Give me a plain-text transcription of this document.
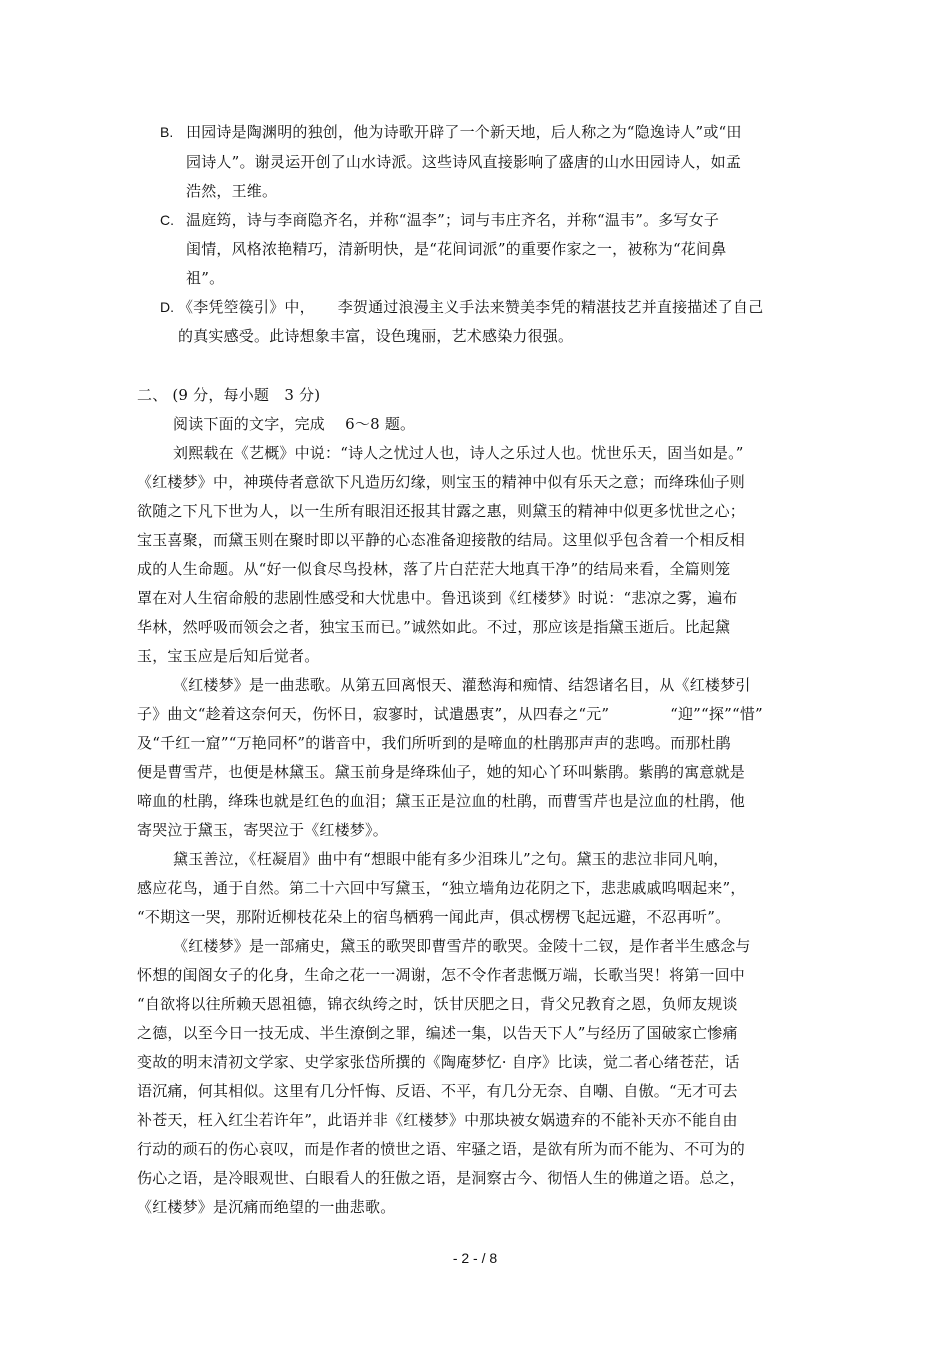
B. 田园诗是陶渊明的独创，他为诗歌开辟了一个新天地，后人称之为“隐逸诗人”或“田
园诗人”。谢灵运开创了山水诗派。这些诗风直接影响了盛唐的山水田园诗人，如孟
浩然，王维。
C. 温庭筠，诗与李商隐齐名，并称“温李”；词与韦庄齐名，并称“温韦”。多写女子
闺情，风格浓艳精巧，清新明快，是“花间词派”的重要作家之一，被称为“花间鼻
祖”。
D. 《李凭箜篌引》中，　　李贺通过浪漫主义手法来赞美李凭的精湛技艺并直接描述了自己
的真实感受。此诗想象丰富，设色瑰丽，艺术感染力很强。
二、 (9 分，每小题　3 分)
阅读下面的文字，完成　 6～8 题。
刘熙载在《艺概》中说：“诗人之忧过人也，诗人之乐过人也。忧世乐天，固当如是。”
《红楼梦》中，神瑛侍者意欲下凡造历幻缘，则宝玉的精神中似有乐天之意；而绛珠仙子则
欲随之下凡下世为人，以一生所有眼泪还报其甘露之惠，则黛玉的精神中似更多忧世之心；
宝玉喜聚，而黛玉则在聚时即以平静的心态准备迎接散的结局。这里似乎包含着一个相反相
成的人生命题。从“好一似食尽鸟投林，落了片白茫茫大地真干净”的结局来看，全篇则笼
罩在对人生宿命般的悲剧性感受和大忧患中。鲁迅谈到《红楼梦》时说：“悲凉之雾，遍布
华林，然呼吸而领会之者，独宝玉而已。”诚然如此。不过，那应该是指黛玉逝后。比起黛
玉，宝玉应是后知后觉者。
《红楼梦》是一曲悲歌。从第五回离恨天、灌愁海和痴情、结怨诸名目，从《红楼梦引
子》曲文“趁着这奈何天，伤怀日，寂寥时，试遣愚衷”，从四春之“元”　　　　“迎”“探”“惜”
及“千红一窟”“万艳同杯”的谐音中，我们所听到的是啼血的杜鹃那声声的悲鸣。而那杜鹃
便是曹雪芹，也便是林黛玉。黛玉前身是绛珠仙子，她的知心丫环叫紫鹃。紫鹃的寓意就是
啼血的杜鹃，绛珠也就是红色的血泪；黛玉正是泣血的杜鹃，而曹雪芹也是泣血的杜鹃，他
寄哭泣于黛玉，寄哭泣于《红楼梦》。
黛玉善泣，《枉凝眉》曲中有“想眼中能有多少泪珠儿”之句。黛玉的悲泣非同凡响，
感应花鸟，通于自然。第二十六回中写黛玉，“独立墙角边花阴之下，悲悲戚戚呜咽起来”，
“不期这一哭，那附近柳枝花朵上的宿鸟栖鸦一闻此声，俱忒楞楞飞起远避，不忍再听”。
《红楼梦》是一部痛史，黛玉的歌哭即曹雪芹的歌哭。金陵十二钗，是作者半生感念与
怀想的闺阁女子的化身，生命之花一一凋谢，怎不令作者悲慨万端，长歌当哭！将第一回中
“自欲将以往所赖天恩祖德，锦衣纨绔之时，饫甘厌肥之日，背父兄教育之恩，负师友规谈
之德，以至今日一技无成、半生潦倒之罪，编述一集，以告天下人”与经历了国破家亡惨痛
变故的明末清初文学家、史学家张岱所撰的《陶庵梦忆· 自序》比读，觉二者心绪苍茫，话
语沉痛，何其相似。这里有几分忏悔、反语、不平，有几分无奈、自嘲、自傲。“无才可去
补苍天，枉入红尘若许年”，此语并非《红楼梦》中那块被女娲遗弃的不能补天亦不能自由
行动的顽石的伤心哀叹，而是作者的愤世之语、牢骚之语，是欲有所为而不能为、不可为的
伤心之语，是冷眼观世、白眼看人的狂傲之语，是洞察古今、彻悟人生的佛道之语。总之，
《红楼梦》是沉痛而绝望的一曲悲歌。
- 2 - / 8
